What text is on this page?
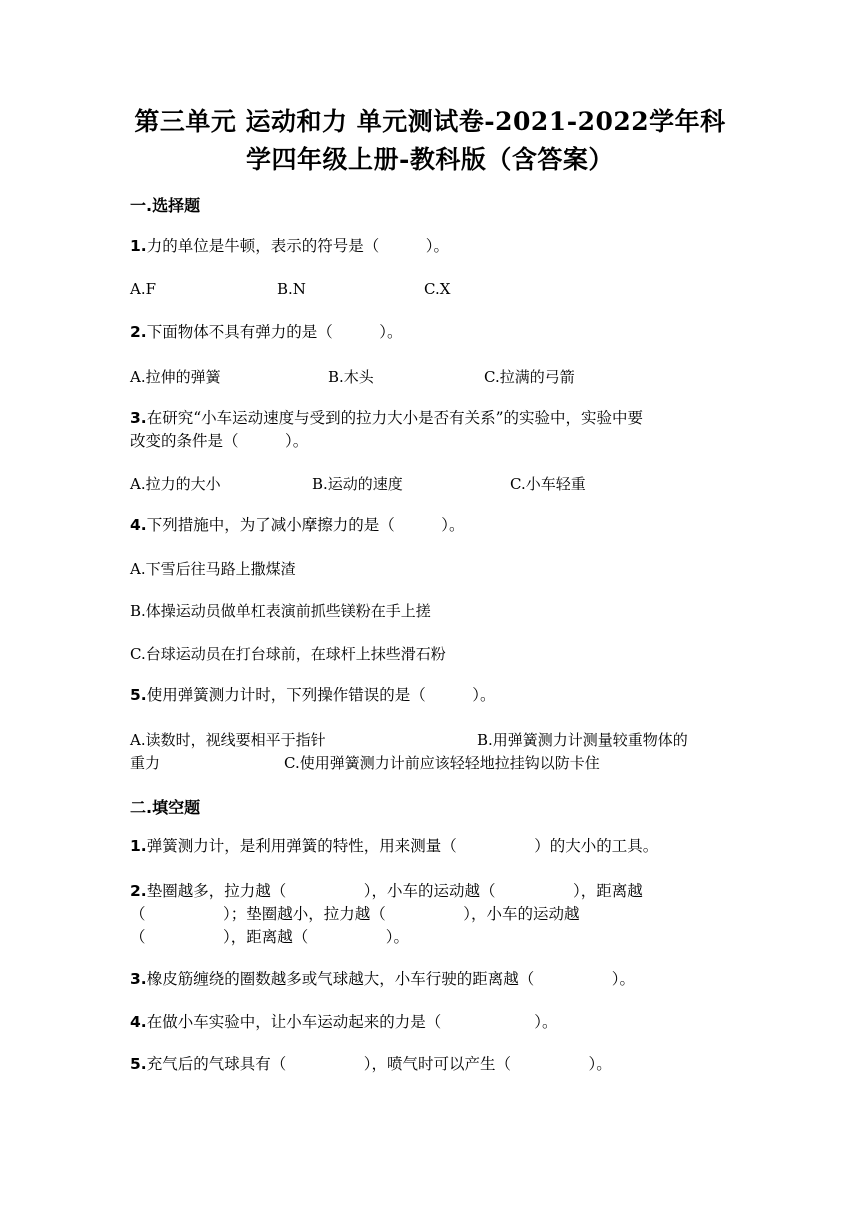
第三单元 运动和力 单元测试卷-2021-2022学年科
学四年级上册-教科版（含答案）
一.选择题
1.力的单位是牛顿，表示的符号是（　　　）。
A.F	B.N	C.X
2.下面物体不具有弹力的是（　　　）。
A.拉伸的弹簧	B.木头	C.拉满的弓箭
3.在研究“小车运动速度与受到的拉力大小是否有关系”的实验中，实验中要
改变的条件是（　　　）。
A.拉力的大小	B.运动的速度	C.小车轻重
4.下列措施中，为了减小摩擦力的是（　　　）。
A.下雪后往马路上撒煤渣
B.体操运动员做单杠表演前抓些镁粉在手上搓
C.台球运动员在打台球前，在球杆上抹些滑石粉
5.使用弹簧测力计时，下列操作错误的是（　　　）。
A.读数时，视线要相平于指针	B.用弹簧测力计测量较重物体的
重力	C.使用弹簧测力计前应该轻轻地拉挂钩以防卡住
二.填空题
1.弹簧测力计，是利用弹簧的特性，用来测量（　　　　　）的大小的工具。
2.垫圈越多，拉力越（　　　　　），小车的运动越（　　　　　），距离越
（　　　　　）；垫圈越小，拉力越（　　　　　），小车的运动越
（　　　　　），距离越（　　　　　）。
3.橡皮筋缠绕的圈数越多或气球越大，小车行驶的距离越（　　　　　）。
4.在做小车实验中，让小车运动起来的力是（　　　　　　）。
5.充气后的气球具有（　　　　　），喷气时可以产生（　　　　　）。
